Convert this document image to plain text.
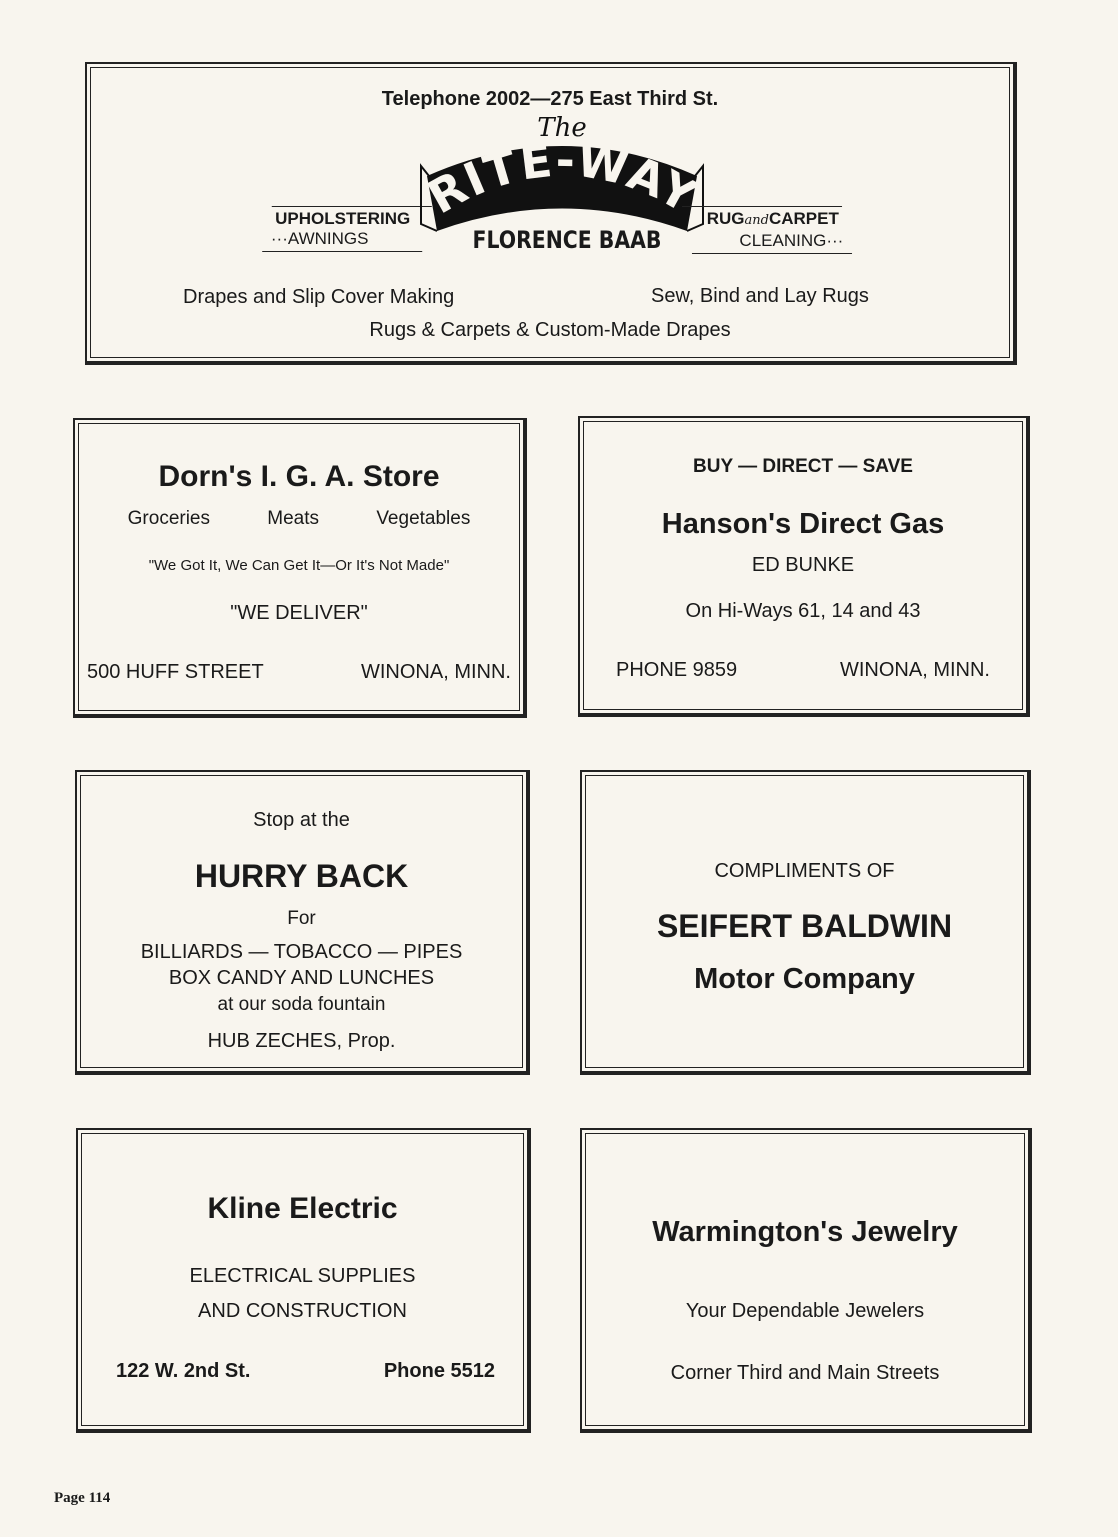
Telephone 2002—275 East Third St.
UPHOLSTERING
···AWNINGS
RITE-WAY
The
FLORENCE BAAB
RUGandCARPET
CLEANING···
Drapes and Slip Cover Making	Sew, Bind and Lay Rugs
Rugs & Carpets & Custom-Made Drapes
Dorn's I. G. A. Store
Groceries	Meats	Vegetables
"We Got It, We Can Get It—Or It's Not Made"
"WE DELIVER"
500 HUFF STREET	WINONA, MINN.
BUY — DIRECT — SAVE
Hanson's Direct Gas
ED BUNKE
On Hi-Ways 61, 14 and 43
PHONE 9859	WINONA, MINN.
Stop at the
HURRY BACK
For
BILLIARDS — TOBACCO — PIPES
BOX CANDY AND LUNCHES
at our soda fountain
HUB ZECHES, Prop.
COMPLIMENTS OF
SEIFERT BALDWIN
Motor Company
Kline Electric
ELECTRICAL SUPPLIES
AND CONSTRUCTION
122 W. 2nd St.	Phone 5512
Warmington's Jewelry
Your Dependable Jewelers
Corner Third and Main Streets
Page 114
